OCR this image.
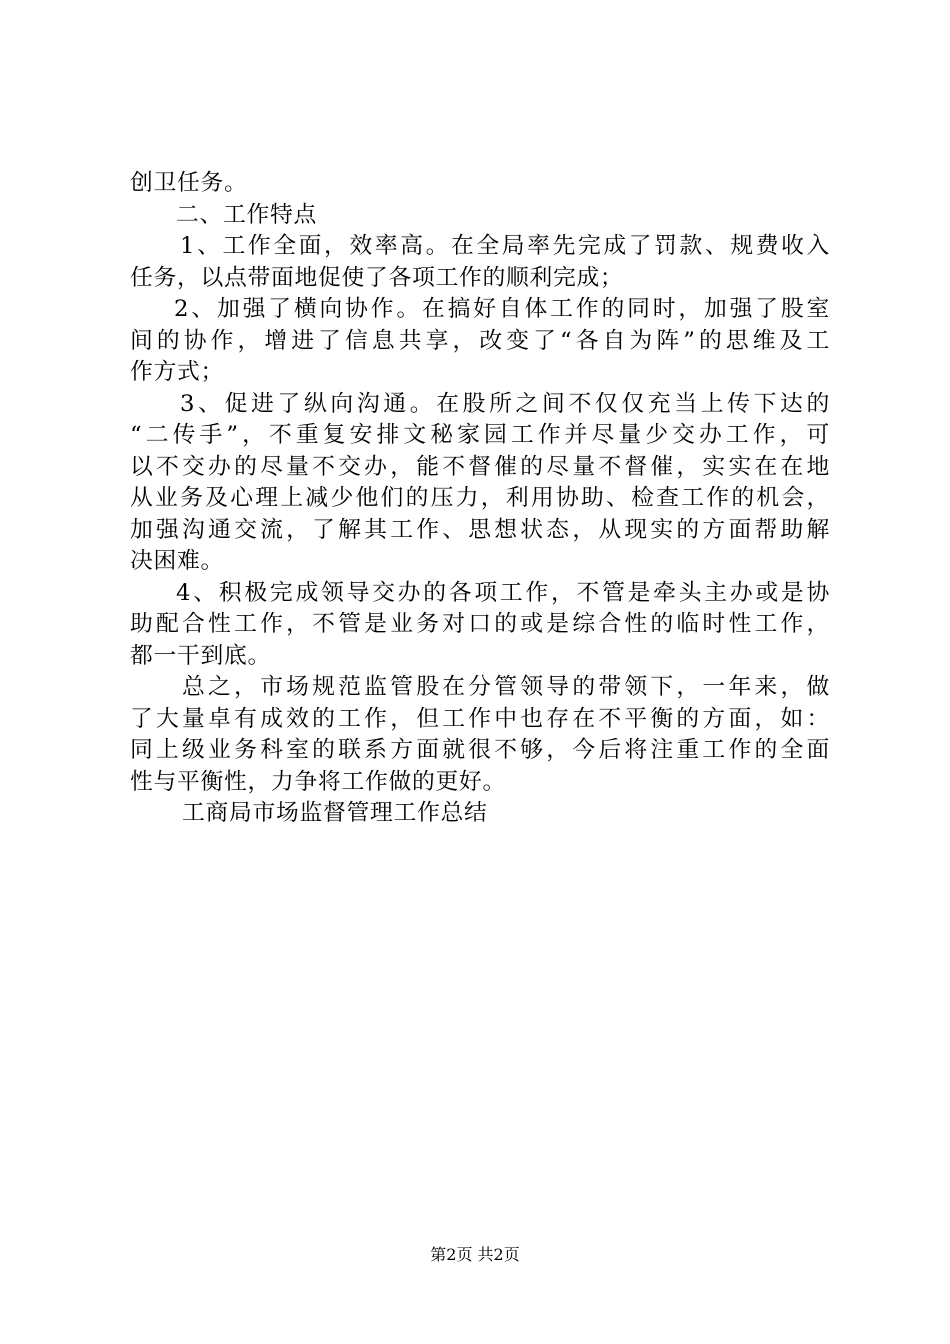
创卫任务。
二、工作特点
1、工作全面，效率高。在全局率先完成了罚款、规费收入
任务，以点带面地促使了各项工作的顺利完成；
2、加强了横向协作。在搞好自体工作的同时，加强了股室
间的协作，增进了信息共享，改变了“各自为阵”的思维及工
作方式；
3、促进了纵向沟通。在股所之间不仅仅充当上传下达的
“二传手”，不重复安排文秘家园工作并尽量少交办工作，可
以不交办的尽量不交办，能不督催的尽量不督催，实实在在地
从业务及心理上减少他们的压力，利用协助、检查工作的机会，
加强沟通交流，了解其工作、思想状态，从现实的方面帮助解
决困难。
4、积极完成领导交办的各项工作，不管是牵头主办或是协
助配合性工作，不管是业务对口的或是综合性的临时性工作，
都一干到底。
总之，市场规范监管股在分管领导的带领下，一年来，做
了大量卓有成效的工作，但工作中也存在不平衡的方面，如：
同上级业务科室的联系方面就很不够，今后将注重工作的全面
性与平衡性，力争将工作做的更好。
工商局市场监督管理工作总结
第2页 共2页
